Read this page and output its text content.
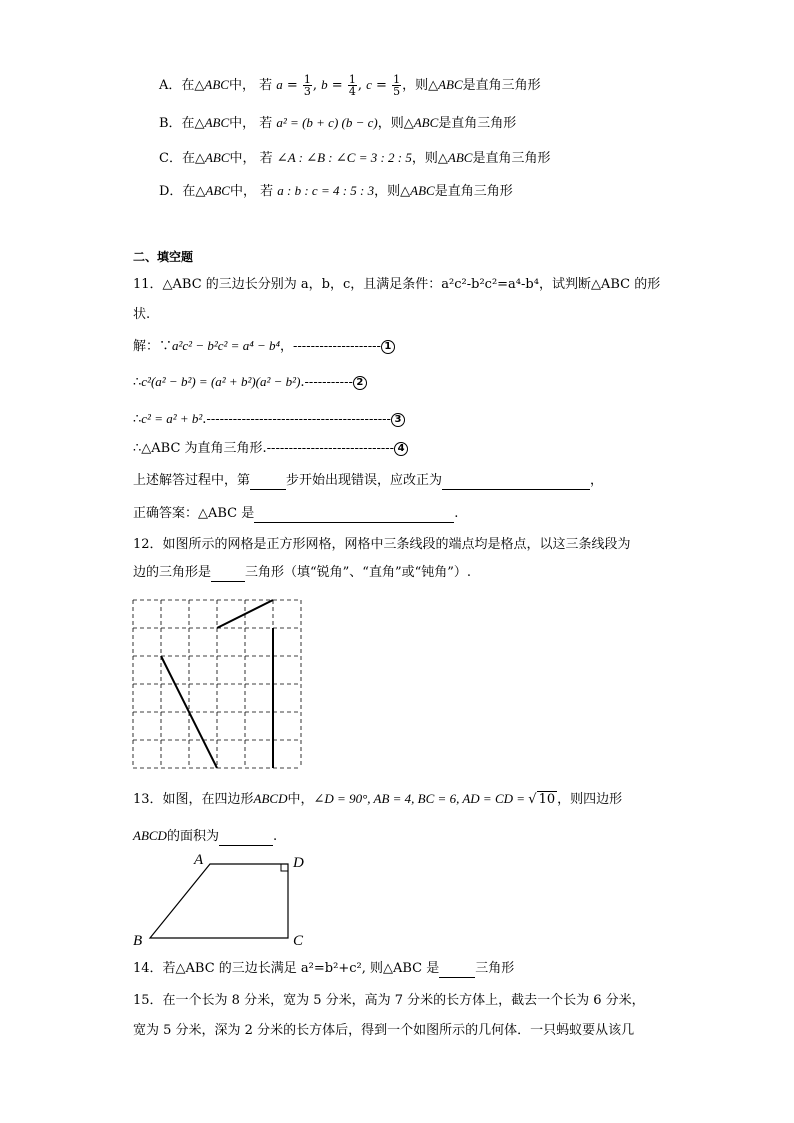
A．在△ABC中， 若 $a = \frac{1}{3}$ , $b = \frac{1}{4}$ , $c = \frac{1}{5}$ ，则△ABC是直角三角形
B．在△ABC中， 若 a² = (b + c) (b − c)，则△ABC是直角三角形
C．在△ABC中， 若 ∠A : ∠B : ∠C = 3 : 2 : 5，则△ABC是直角三角形
D．在△ABC中， 若 a : b : c = 4 : 5 : 3，则△ABC是直角三角形
二、填空题
11．△ABC 的三边长分别为 a，b，c，且满足条件：a²c²-b²c²=a⁴-b⁴，试判断△ABC 的形
状.
解：∵a²c² − b²c² = a⁴ − b⁴，-------------------- 1
∴c²(a² − b²) = (a² + b²)(a² − b²).----------- 2
∴c² = a² + b².------------------------------------------ 3
∴△ABC 为直角三角形.----------------------------- 4
上述解答过程中，第	步开始出现错误，应改正为	，
正确答案：△ABC 是	.
12．如图所示的网格是正方形网格，网格中三条线段的端点均是格点，以这三条线段为
边的三角形是	三角形（填“锐角”、“直角”或“钝角”）.
13．如图，在四边形ABCD中，∠D = 90°, AB = 4, BC = 6, AD = CD = √ 10 ，则四边形
ABCD的面积为	.
A	D
B	C
14．若△ABC 的三边长满足 a²=b²+c², 则△ABC 是	三角形
15．在一个长为 8 分米，宽为 5 分米，高为 7 分米的长方体上，截去一个长为 6 分米，
宽为 5 分米，深为 2 分米的长方体后，得到一个如图所示的几何体．一只蚂蚁要从该几
